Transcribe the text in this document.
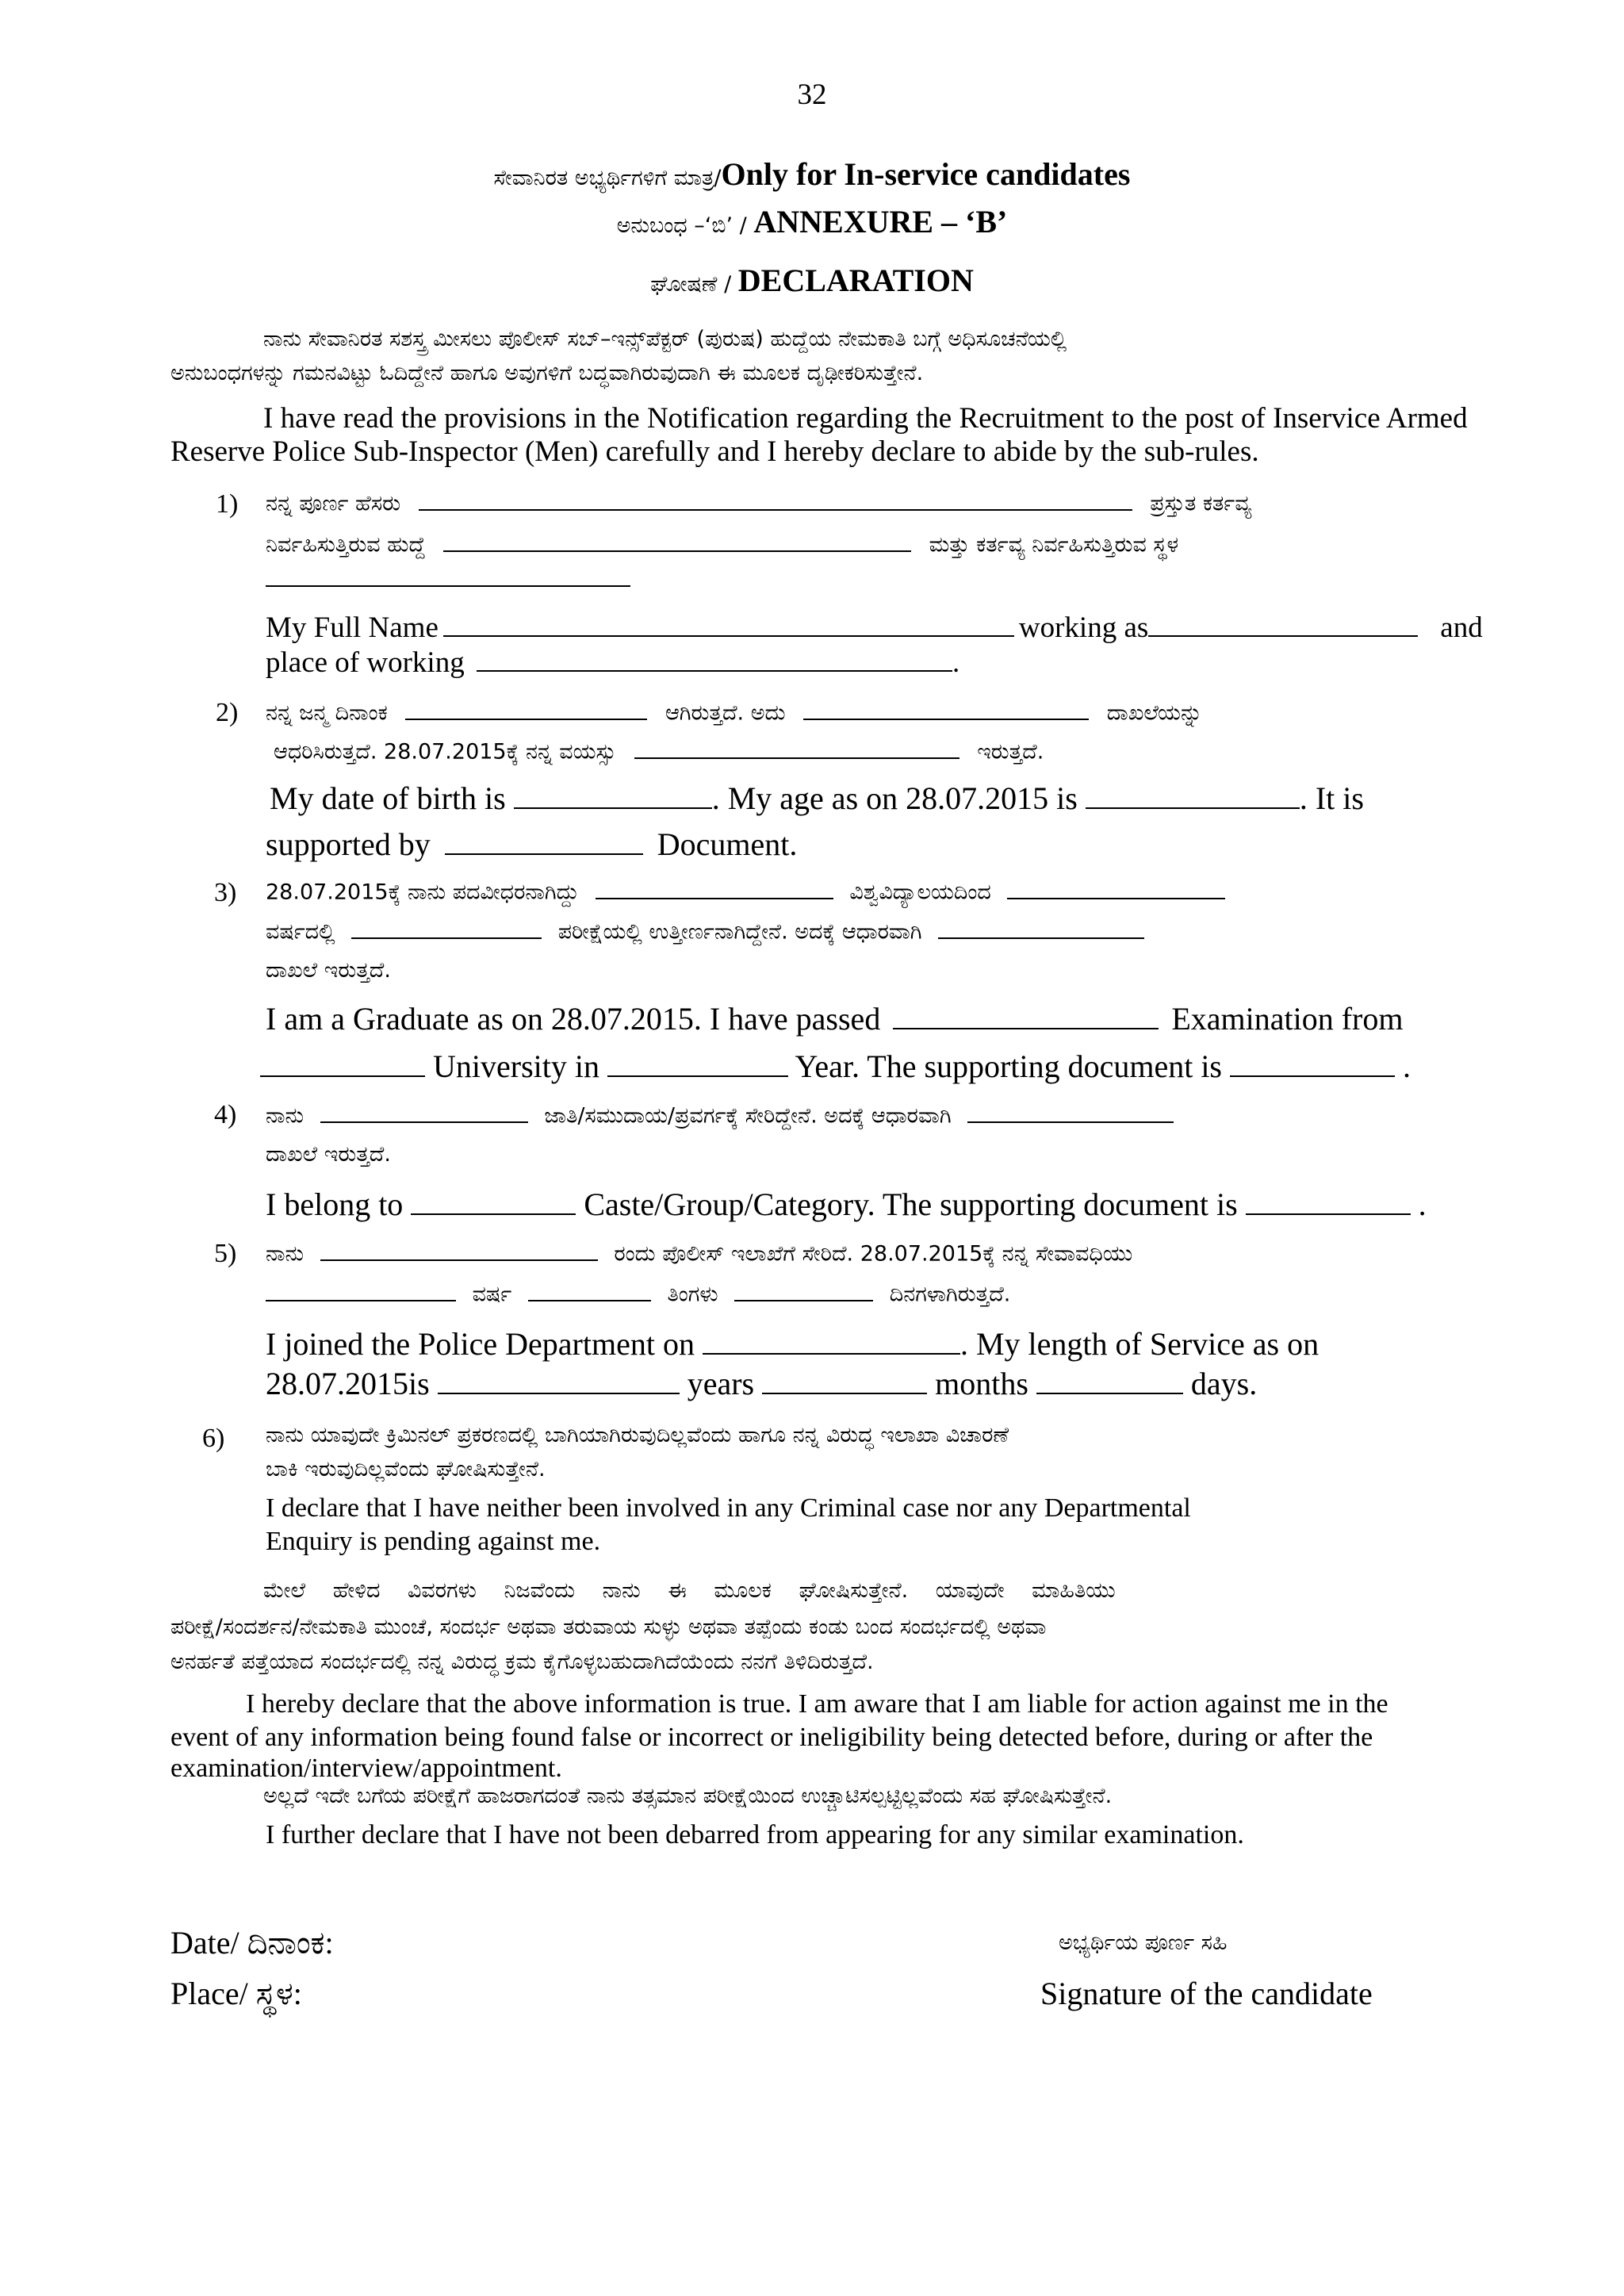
32
ಸೇವಾನಿರತ ಅಭ್ಯರ್ಥಿಗಳಿಗೆ ಮಾತ್ರ/Only for In-service candidates
ಅನುಬಂಧ –‘ಬಿ’ / ANNEXURE – ‘B’
ಘೋಷಣೆ / DECLARATION
ನಾನು ಸೇವಾನಿರತ ಸಶಸ್ತ್ರ ಮೀಸಲು ಪೊಲೀಸ್ ಸಬ್–ಇನ್ಸ್‌ಪೆಕ್ಟರ್ (ಪುರುಷ) ಹುದ್ದೆಯ ನೇಮಕಾತಿ ಬಗ್ಗೆ ಅಧಿಸೂಚನೆಯಲ್ಲಿ
ಅನುಬಂಧಗಳನ್ನು ಗಮನವಿಟ್ಟು ಓದಿದ್ದೇನೆ ಹಾಗೂ ಅವುಗಳಿಗೆ ಬದ್ಧವಾಗಿರುವುದಾಗಿ ಈ ಮೂಲಕ ದೃಢೀಕರಿಸುತ್ತೇನೆ.
I have read the provisions in the Notification regarding the Recruitment to the post of Inservice Armed
Reserve Police Sub-Inspector (Men) carefully and I hereby declare to abide by the sub-rules.
1) ನನ್ನ ಪೂರ್ಣ ಹೆಸರು	ಪ್ರಸ್ತುತ ಕರ್ತವ್ಯ
ನಿರ್ವಹಿಸುತ್ತಿರುವ ಹುದ್ದೆ	ಮತ್ತು ಕರ್ತವ್ಯ ನಿರ್ವಹಿಸುತ್ತಿರುವ ಸ್ಥಳ
My Full Name	working as	and
place of working	.
2) ನನ್ನ ಜನ್ಮ ದಿನಾಂಕ	ಆಗಿರುತ್ತದೆ. ಅದು	ದಾಖಲೆಯನ್ನು
ಆಧರಿಸಿರುತ್ತದೆ. 28.07.2015ಕ್ಕೆ ನನ್ನ ವಯಸ್ಸು	ಇರುತ್ತದೆ.
My date of birth is	. My age as on 28.07.2015 is	. It is
supported by	Document.
3) 28.07.2015ಕ್ಕೆ ನಾನು ಪದವೀಧರನಾಗಿದ್ದು	ವಿಶ್ವವಿದ್ಯಾಲಯದಿಂದ
ವರ್ಷದಲ್ಲಿ	ಪರೀಕ್ಷೆಯಲ್ಲಿ ಉತ್ತೀರ್ಣನಾಗಿದ್ದೇನೆ. ಅದಕ್ಕೆ ಆಧಾರವಾಗಿ
ದಾಖಲೆ ಇರುತ್ತದೆ.
I am a Graduate as on 28.07.2015. I have passed	Examination from
University in	Year. The supporting document is	.
4) ನಾನು	ಜಾತಿ/ಸಮುದಾಯ/ಪ್ರವರ್ಗಕ್ಕೆ ಸೇರಿದ್ದೇನೆ. ಅದಕ್ಕೆ ಆಧಾರವಾಗಿ
ದಾಖಲೆ ಇರುತ್ತದೆ.
I belong to	Caste/Group/Category. The supporting document is	.
5) ನಾನು	ರಂದು ಪೊಲೀಸ್ ಇಲಾಖೆಗೆ ಸೇರಿದೆ. 28.07.2015ಕ್ಕೆ ನನ್ನ ಸೇವಾವಧಿಯು
ವರ್ಷ	ತಿಂಗಳು	ದಿನಗಳಾಗಿರುತ್ತದೆ.
I joined the Police Department on	. My length of Service as on
28.07.2015is	years	months	days.
6) ನಾನು ಯಾವುದೇ ಕ್ರಿಮಿನಲ್ ಪ್ರಕರಣದಲ್ಲಿ ಬಾಗಿಯಾಗಿರುವುದಿಲ್ಲವೆಂದು ಹಾಗೂ ನನ್ನ ವಿರುದ್ಧ ಇಲಾಖಾ ವಿಚಾರಣೆ
ಬಾಕಿ ಇರುವುದಿಲ್ಲವೆಂದು ಘೋಷಿಸುತ್ತೇನೆ.
I declare that I have neither been involved in any Criminal case nor any Departmental
Enquiry is pending against me.
ಮೇಲೆ ಹೇಳಿದ ವಿವರಗಳು ನಿಜವೆಂದು ನಾನು ಈ ಮೂಲಕ ಘೋಷಿಸುತ್ತೇನೆ. ಯಾವುದೇ ಮಾಹಿತಿಯು
ಪರೀಕ್ಷೆ/ಸಂದರ್ಶನ/ನೇಮಕಾತಿ ಮುಂಚೆ, ಸಂದರ್ಭ ಅಥವಾ ತರುವಾಯ ಸುಳ್ಳು ಅಥವಾ ತಪ್ಪೆಂದು ಕಂಡು ಬಂದ ಸಂದರ್ಭದಲ್ಲಿ ಅಥವಾ
ಅನರ್ಹತೆ ಪತ್ತೆಯಾದ ಸಂದರ್ಭದಲ್ಲಿ ನನ್ನ ವಿರುದ್ಧ ಕ್ರಮ ಕೈಗೊಳ್ಳಬಹುದಾಗಿದೆಯೆಂದು ನನಗೆ ತಿಳಿದಿರುತ್ತದೆ.
I hereby declare that the above information is true. I am aware that I am liable for action against me in the
event of any information being found false or incorrect or ineligibility being detected before, during or after the
examination/interview/appointment.
ಅಲ್ಲದೆ ಇದೇ ಬಗೆಯ ಪರೀಕ್ಷೆಗೆ ಹಾಜರಾಗದಂತೆ ನಾನು ತತ್ಸಮಾನ ಪರೀಕ್ಷೆಯಿಂದ ಉಚ್ಚಾಟಿಸಲ್ಪಟ್ಟಿಲ್ಲವೆಂದು ಸಹ ಘೋಷಿಸುತ್ತೇನೆ.
I further declare that I have not been debarred from appearing for any similar examination.
Date/ ದಿನಾಂಕ:
Place/ ಸ್ಥಳ:
ಅಭ್ಯರ್ಥಿಯ ಪೂರ್ಣ ಸಹಿ
Signature of the candidate
